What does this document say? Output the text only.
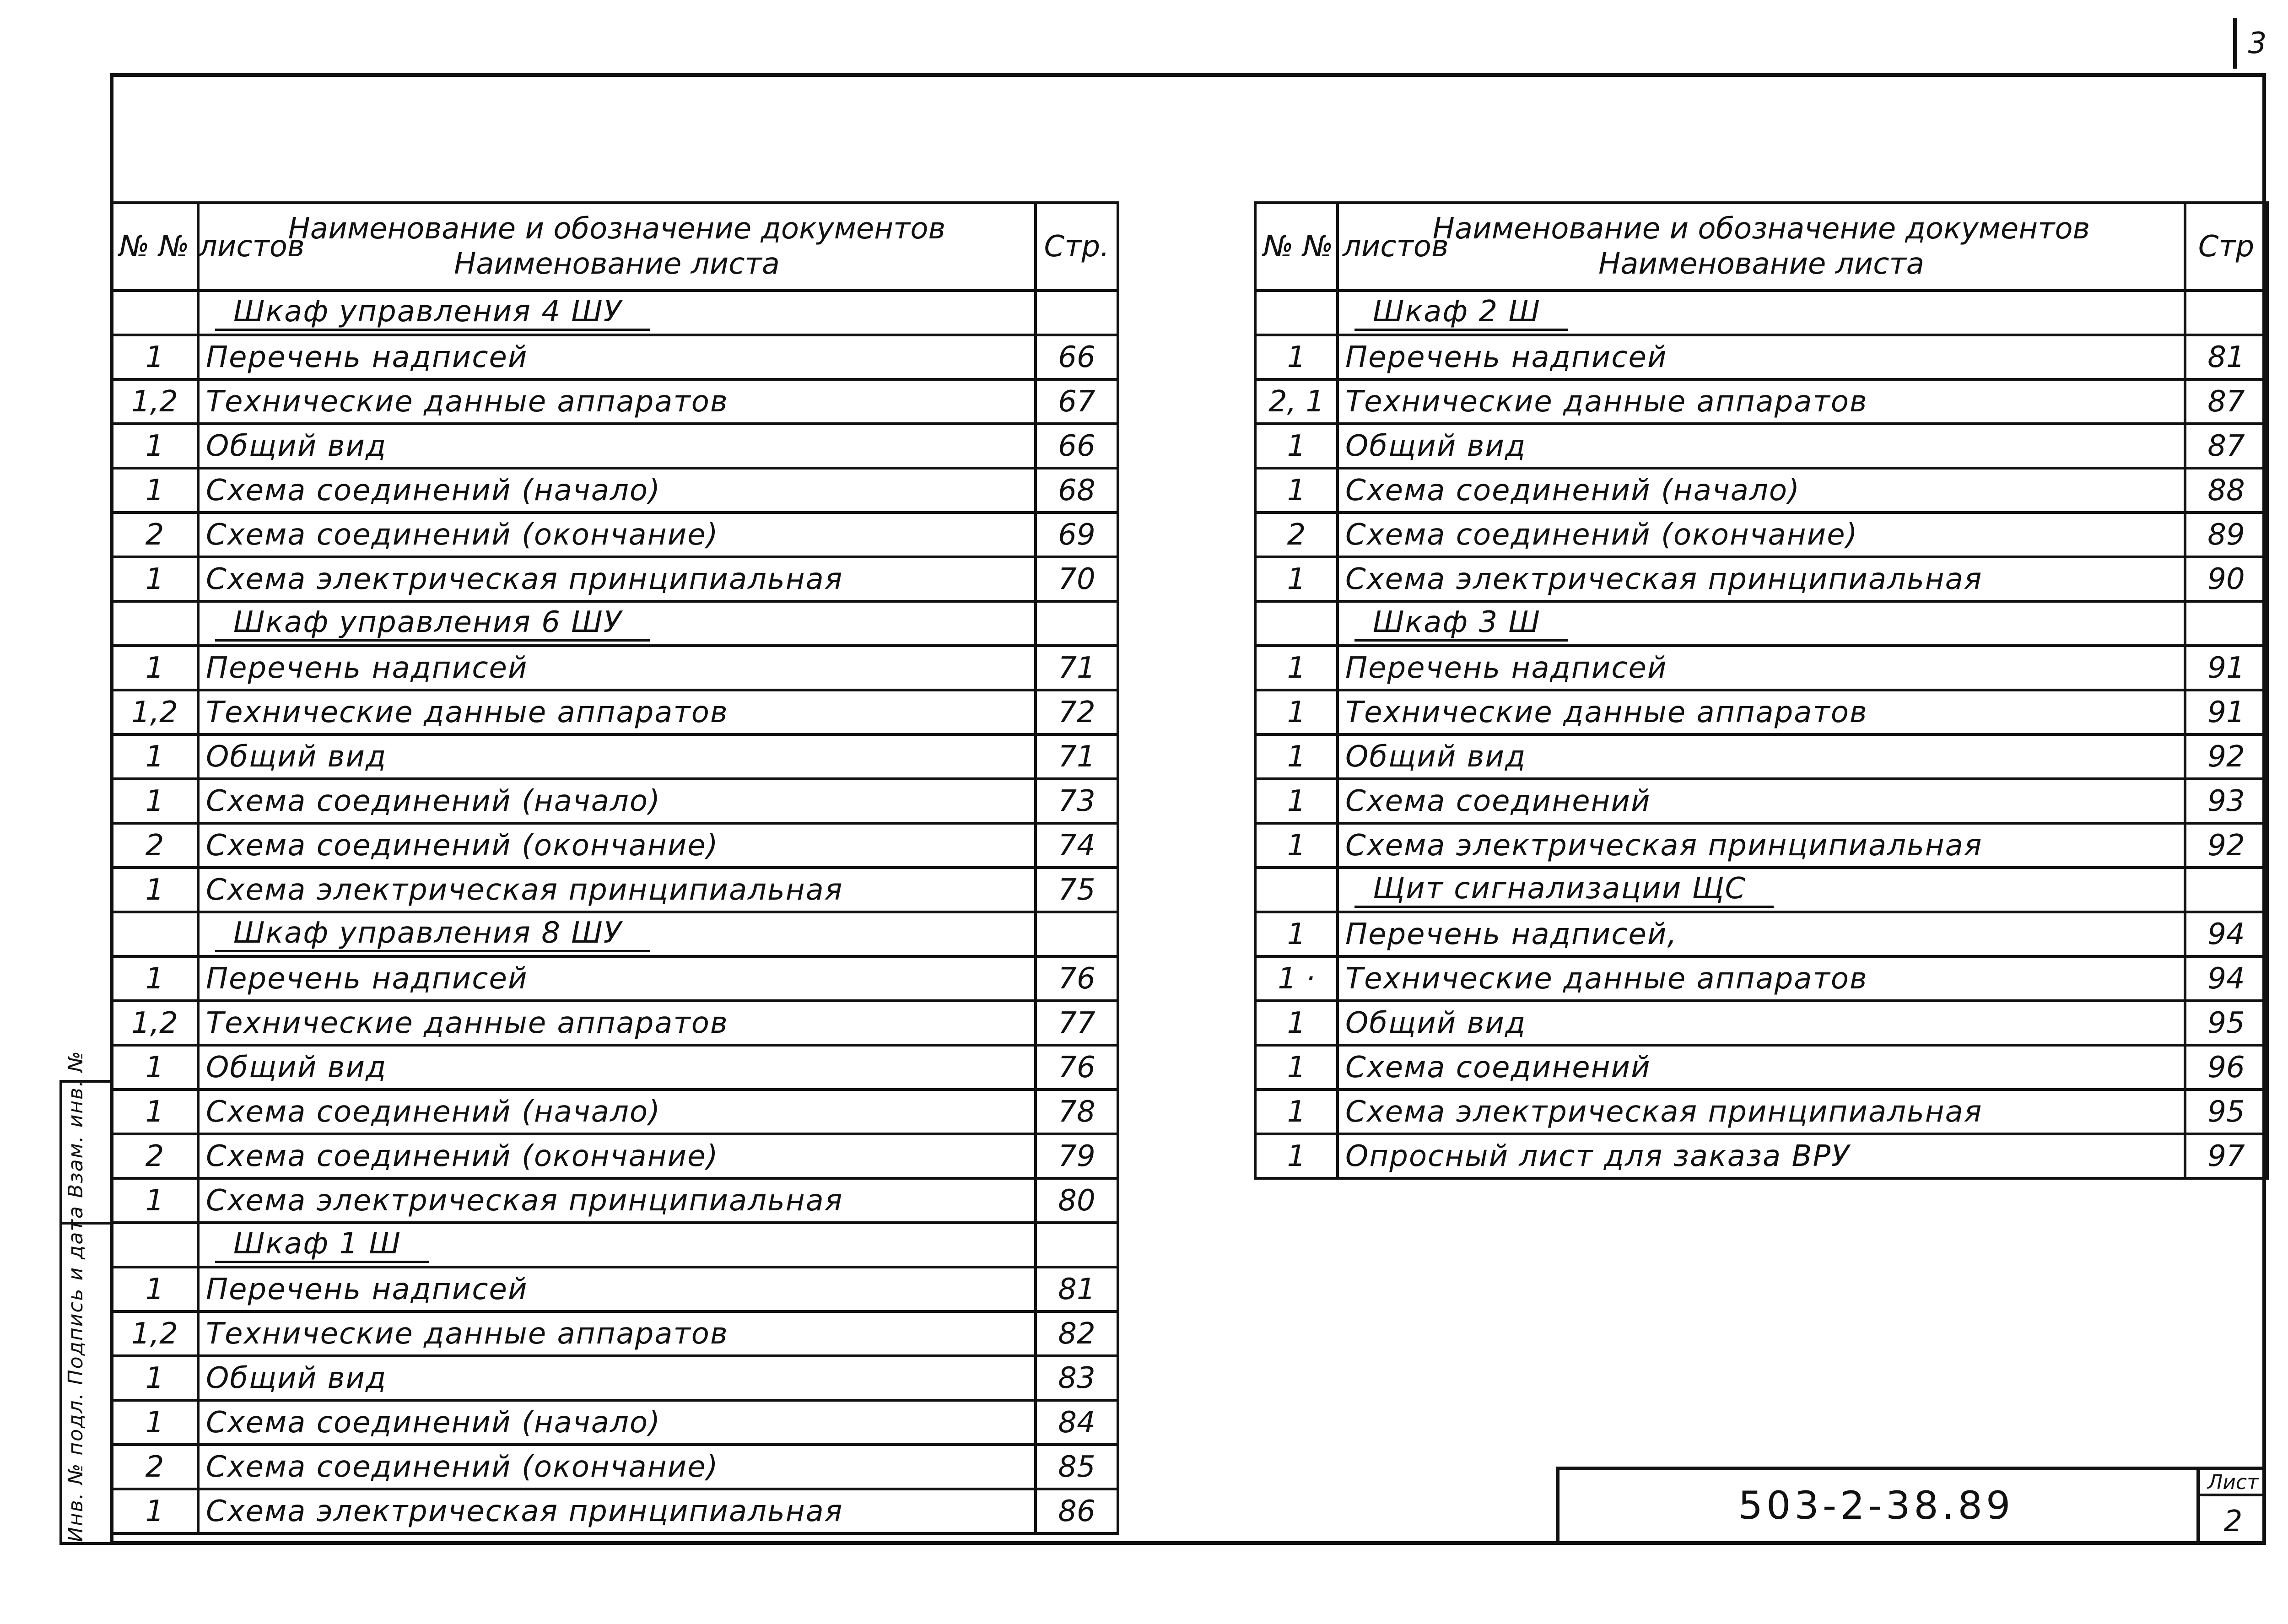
3
№ № листов	Наименование и обозначение документов
Наименование листа	Стр.
	Шкаф управления 4 ШУ	
1	Перечень надписей	66
1,2	Технические данные аппаратов	67
1	Общий вид	66
1	Схема соединений (начало)	68
2	Схема соединений (окончание)	69
1	Схема электрическая принципиальная	70
	Шкаф управления 6 ШУ	
1	Перечень надписей	71
1,2	Технические данные аппаратов	72
1	Общий вид	71
1	Схема соединений (начало)	73
2	Схема соединений (окончание)	74
1	Схема электрическая принципиальная	75
	Шкаф управления 8 ШУ	
1	Перечень надписей	76
1,2	Технические данные аппаратов	77
1	Общий вид	76
1	Схема соединений (начало)	78
2	Схема соединений (окончание)	79
1	Схема электрическая принципиальная	80
	Шкаф 1 Ш	
1	Перечень надписей	81
1,2	Технические данные аппаратов	82
1	Общий вид	83
1	Схема соединений (начало)	84
2	Схема соединений (окончание)	85
1	Схема электрическая принципиальная	86
№ № листов	Наименование и обозначение документов
Наименование листа	Стр
	Шкаф 2 Ш	
1	Перечень надписей	81
2, 1	Технические данные аппаратов	87
1	Общий вид	87
1	Схема соединений (начало)	88
2	Схема соединений (окончание)	89
1	Схема электрическая принципиальная	90
	Шкаф 3 Ш	
1	Перечень надписей	91
1	Технические данные аппаратов	91
1	Общий вид	92
1	Схема соединений	93
1	Схема электрическая принципиальная	92
	Щит сигнализации ЩС	
1	Перечень надписей,	94
1 ·	Технические данные аппаратов	94
1	Общий вид	95
1	Схема соединений	96
1	Схема электрическая принципиальная	95
1	Опросный лист для заказа ВРУ	97
Инв. № подл. Подпись и дата Взам. инв. №	503-2-38.89
Лист
2
